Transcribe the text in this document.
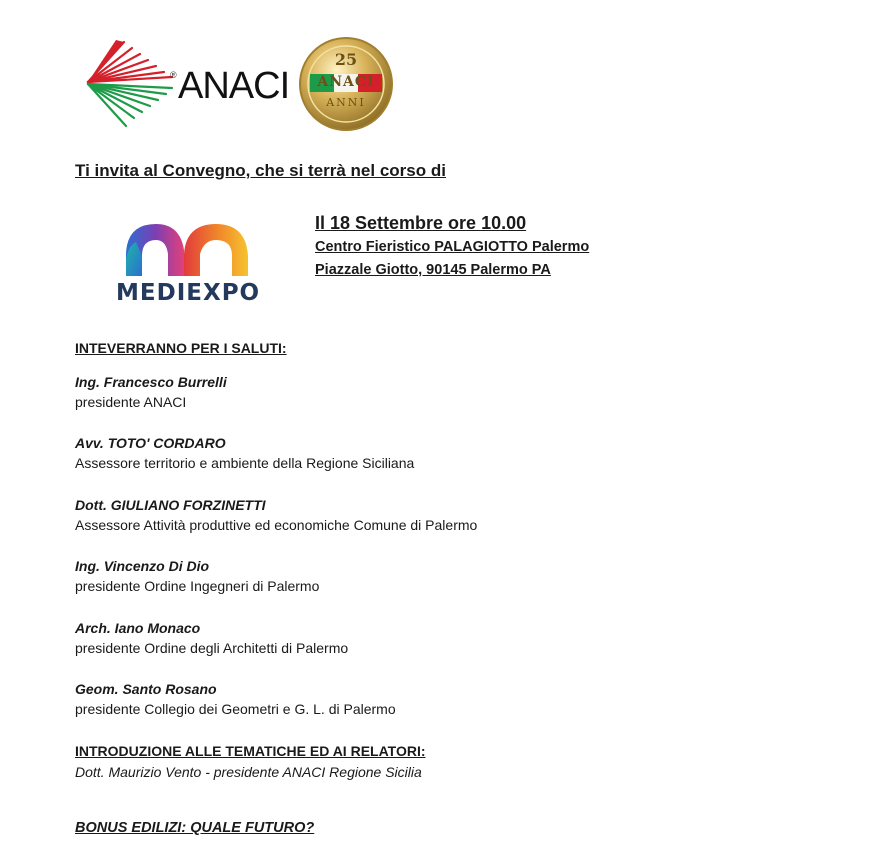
® ANACI
25
ANACI
ANNI
Ti invita al Convegno, che si terrà nel corso di
MEDIEXPO
Il 18 Settembre ore 10.00
Centro Fieristico PALAGIOTTO Palermo
Piazzale Giotto, 90145 Palermo PA
INTEVERRANNO PER I SALUTI:
Ing. Francesco Burrelli
presidente ANACI
Avv. TOTO' CORDARO
Assessore territorio e ambiente della Regione Siciliana
Dott. GIULIANO FORZINETTI
Assessore Attività produttive ed economiche Comune di Palermo
Ing. Vincenzo Di Dio
presidente Ordine Ingegneri di Palermo
Arch. Iano Monaco
presidente Ordine degli Architetti di Palermo
Geom. Santo Rosano
presidente Collegio dei Geometri e G. L. di Palermo
INTRODUZIONE ALLE TEMATICHE ED AI RELATORI:
Dott. Maurizio Vento - presidente ANACI Regione Sicilia
BONUS EDILIZI: QUALE FUTURO?
